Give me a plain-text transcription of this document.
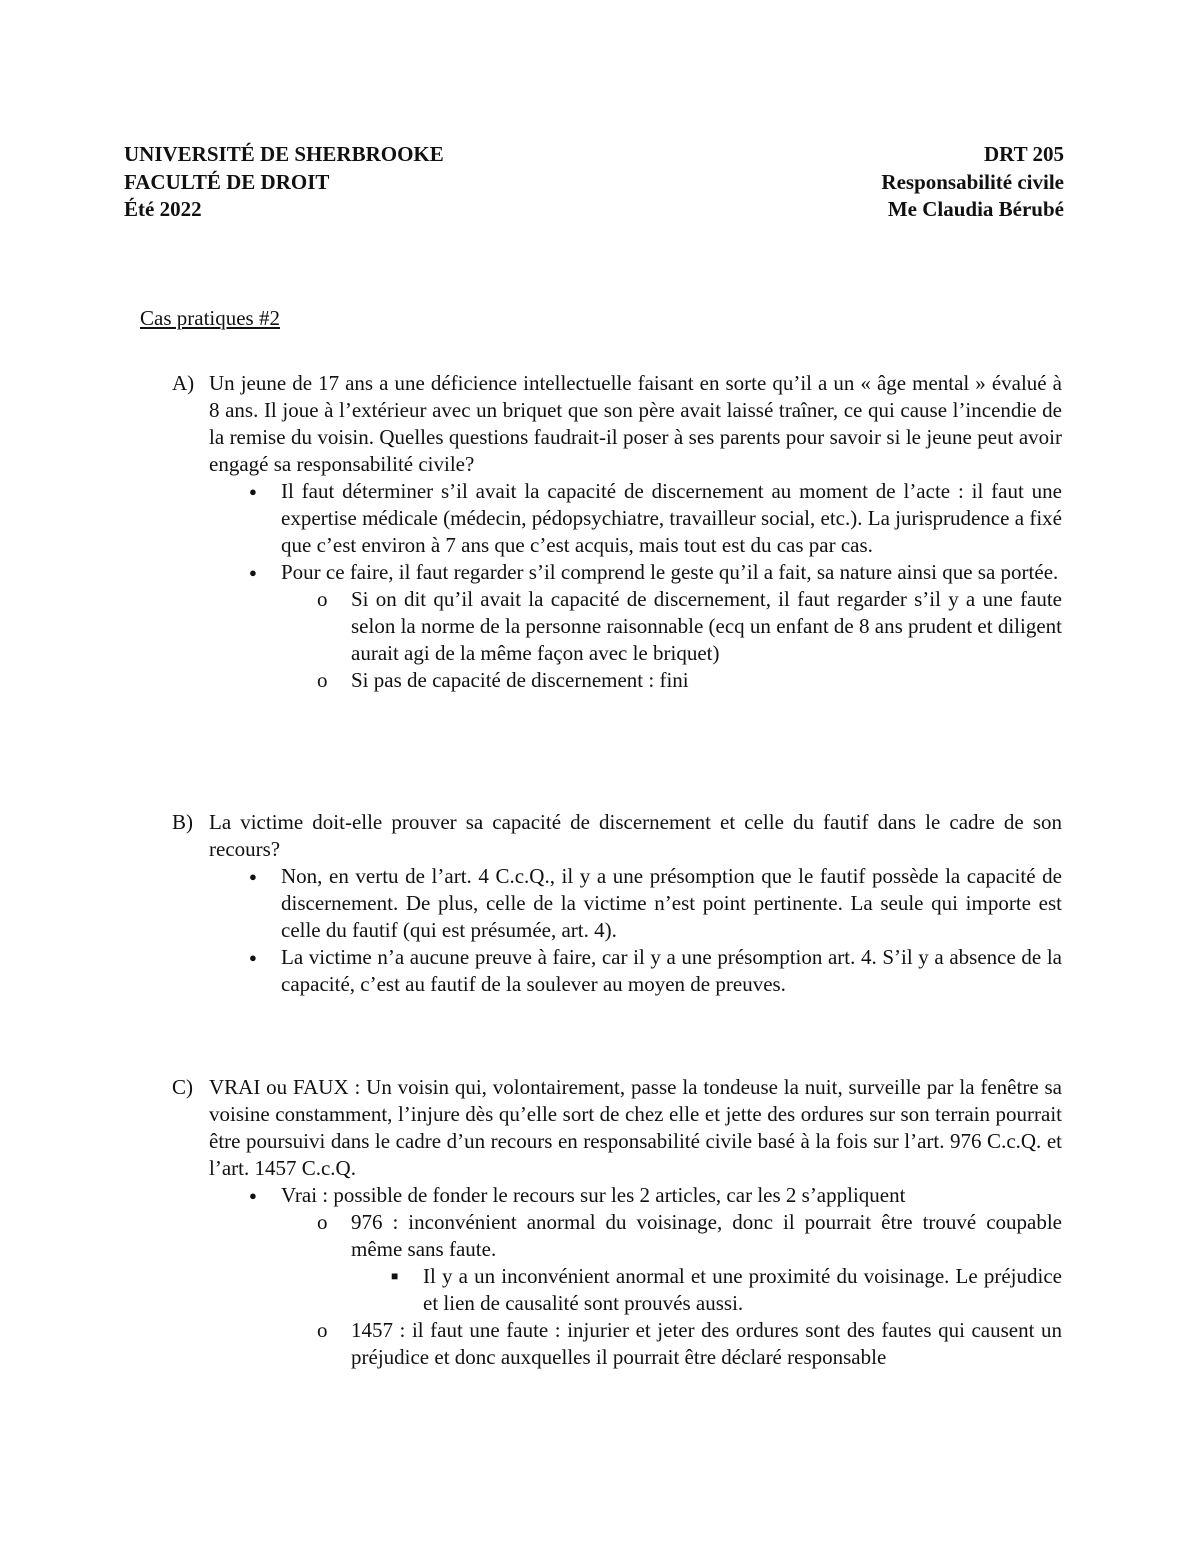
UNIVERSITÉ DE SHERBROOKE	DRT 205
FACULTÉ DE DROIT	Responsabilité civile
Été 2022	Me Claudia Bérubé
Cas pratiques #2
A) Un jeune de 17 ans a une déficience intellectuelle faisant en sorte qu’il a un « âge mental » évalué à 8 ans. Il joue à l’extérieur avec un briquet que son père avait laissé traîner, ce qui cause l’incendie de la remise du voisin. Quelles questions faudrait-il poser à ses parents pour savoir si le jeune peut avoir engagé sa responsabilité civile?

● Il faut déterminer s’il avait la capacité de discernement au moment de l’acte : il faut une expertise médicale (médecin, pédopsychiatre, travailleur social, etc.). La jurisprudence a fixé que c’est environ à 7 ans que c’est acquis, mais tout est du cas par cas.
● Pour ce faire, il faut regarder s’il comprend le geste qu’il a fait, sa nature ainsi que sa portée.
o Si on dit qu’il avait la capacité de discernement, il faut regarder s’il y a une faute selon la norme de la personne raisonnable (ecq un enfant de 8 ans prudent et diligent aurait agi de la même façon avec le briquet)
o Si pas de capacité de discernement : fini
B) La victime doit-elle prouver sa capacité de discernement et celle du fautif dans le cadre de son recours?

● Non, en vertu de l’art. 4 C.c.Q., il y a une présomption que le fautif possède la capacité de discernement. De plus, celle de la victime n’est point pertinente. La seule qui importe est celle du fautif (qui est présumée, art. 4).
● La victime n’a aucune preuve à faire, car il y a une présomption art. 4. S’il y a absence de la capacité, c’est au fautif de la soulever au moyen de preuves.
C) VRAI ou FAUX : Un voisin qui, volontairement, passe la tondeuse la nuit, surveille par la fenêtre sa voisine constamment, l’injure dès qu’elle sort de chez elle et jette des ordures sur son terrain pourrait être poursuivi dans le cadre d’un recours en responsabilité civile basé à la fois sur l’art. 976 C.c.Q. et l’art. 1457 C.c.Q.

● Vrai : possible de fonder le recours sur les 2 articles, car les 2 s’appliquent
o 976 : inconvénient anormal du voisinage, donc il pourrait être trouvé coupable même sans faute.
■ Il y a un inconvénient anormal et une proximité du voisinage. Le préjudice et lien de causalité sont prouvés aussi.
o 1457 : il faut une faute : injurier et jeter des ordures sont des fautes qui causent un préjudice et donc auxquelles il pourrait être déclaré responsable
